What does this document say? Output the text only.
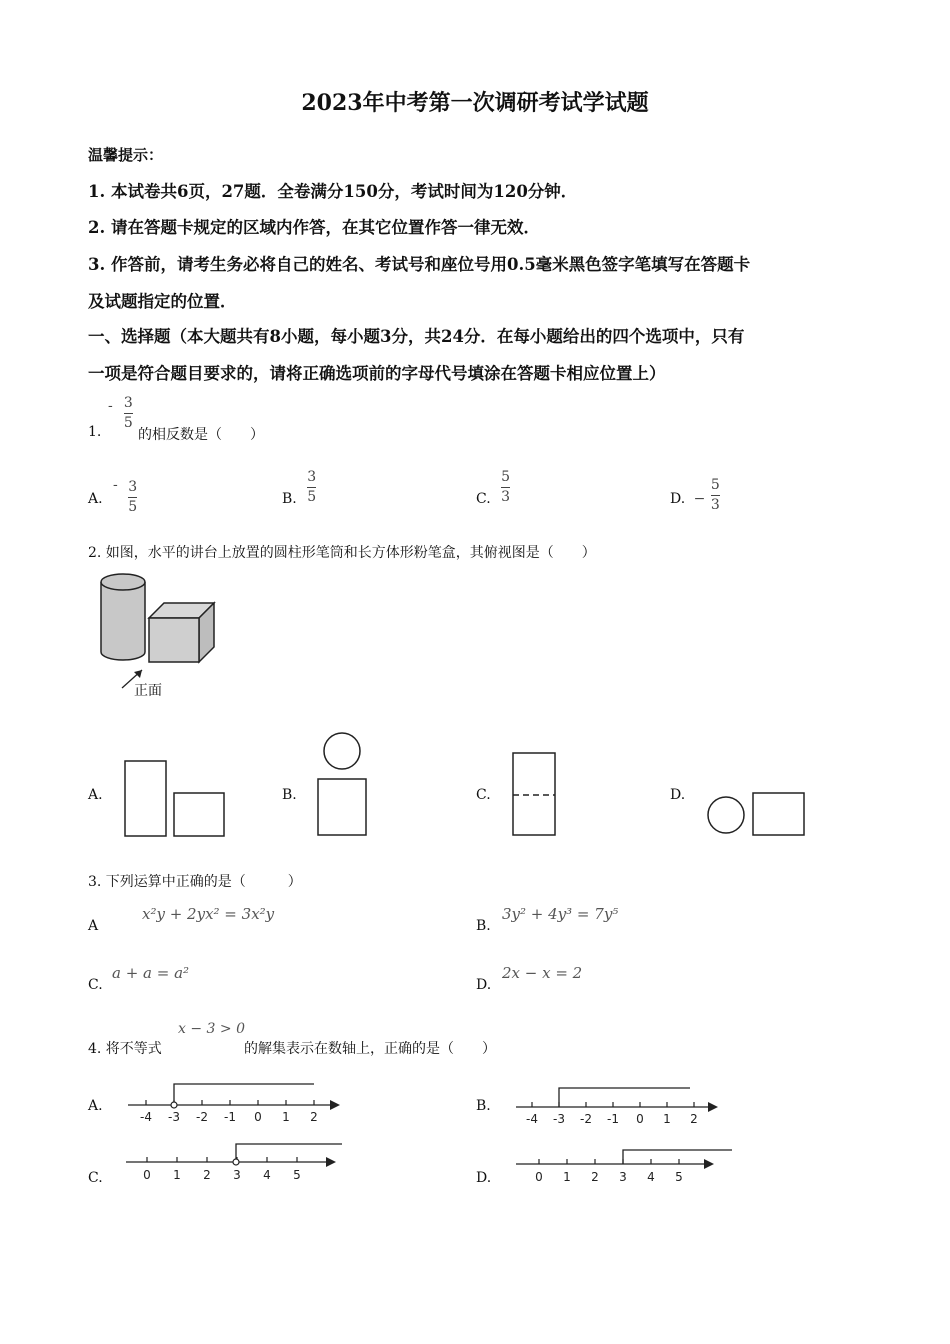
2023年中考第一次调研考试学试题
温馨提示：
1. 本试卷共6页，27题．全卷满分150分，考试时间为120分钟．
2. 请在答题卡规定的区域内作答，在其它位置作答一律无效．
3. 作答前，请考生务必将自己的姓名、考试号和座位号用0.5毫米黑色签字笔填写在答题卡
及试题指定的位置．
一、选择题（本大题共有8小题，每小题3分，共24分．在每小题给出的四个选项中，只有
一项是符合题目要求的，请将正确选项前的字母代号填涂在答题卡相应位置上）
1.
- $\frac{3}{5}$
的相反数是（　　）
A. - $\frac{3}{5}$	B. $\frac{3}{5}$	C. $\frac{5}{3}$	D. − $\frac{5}{3}$
2. 如图，水平的讲台上放置的圆柱形笔筒和长方体形粉笔盒，其俯视图是（　　）
正面
A.	B.	C.	D.
3. 下列运算中正确的是（　　　）
A
x²y + 2yx² = 3x²y
B.
3y² + 4y³ = 7y⁵
C.
a + a = a²
D.
2x − x = 2
4. 将不等式
x − 3 > 0
的解集表示在数轴上，正确的是（　　）
A.
-4 -3 -2 -1 0 1 2
B.
-4 -3 -2 -1 0 1 2
C.	0 1 2 3 4 5	D.	0 1 2 3 4 5
